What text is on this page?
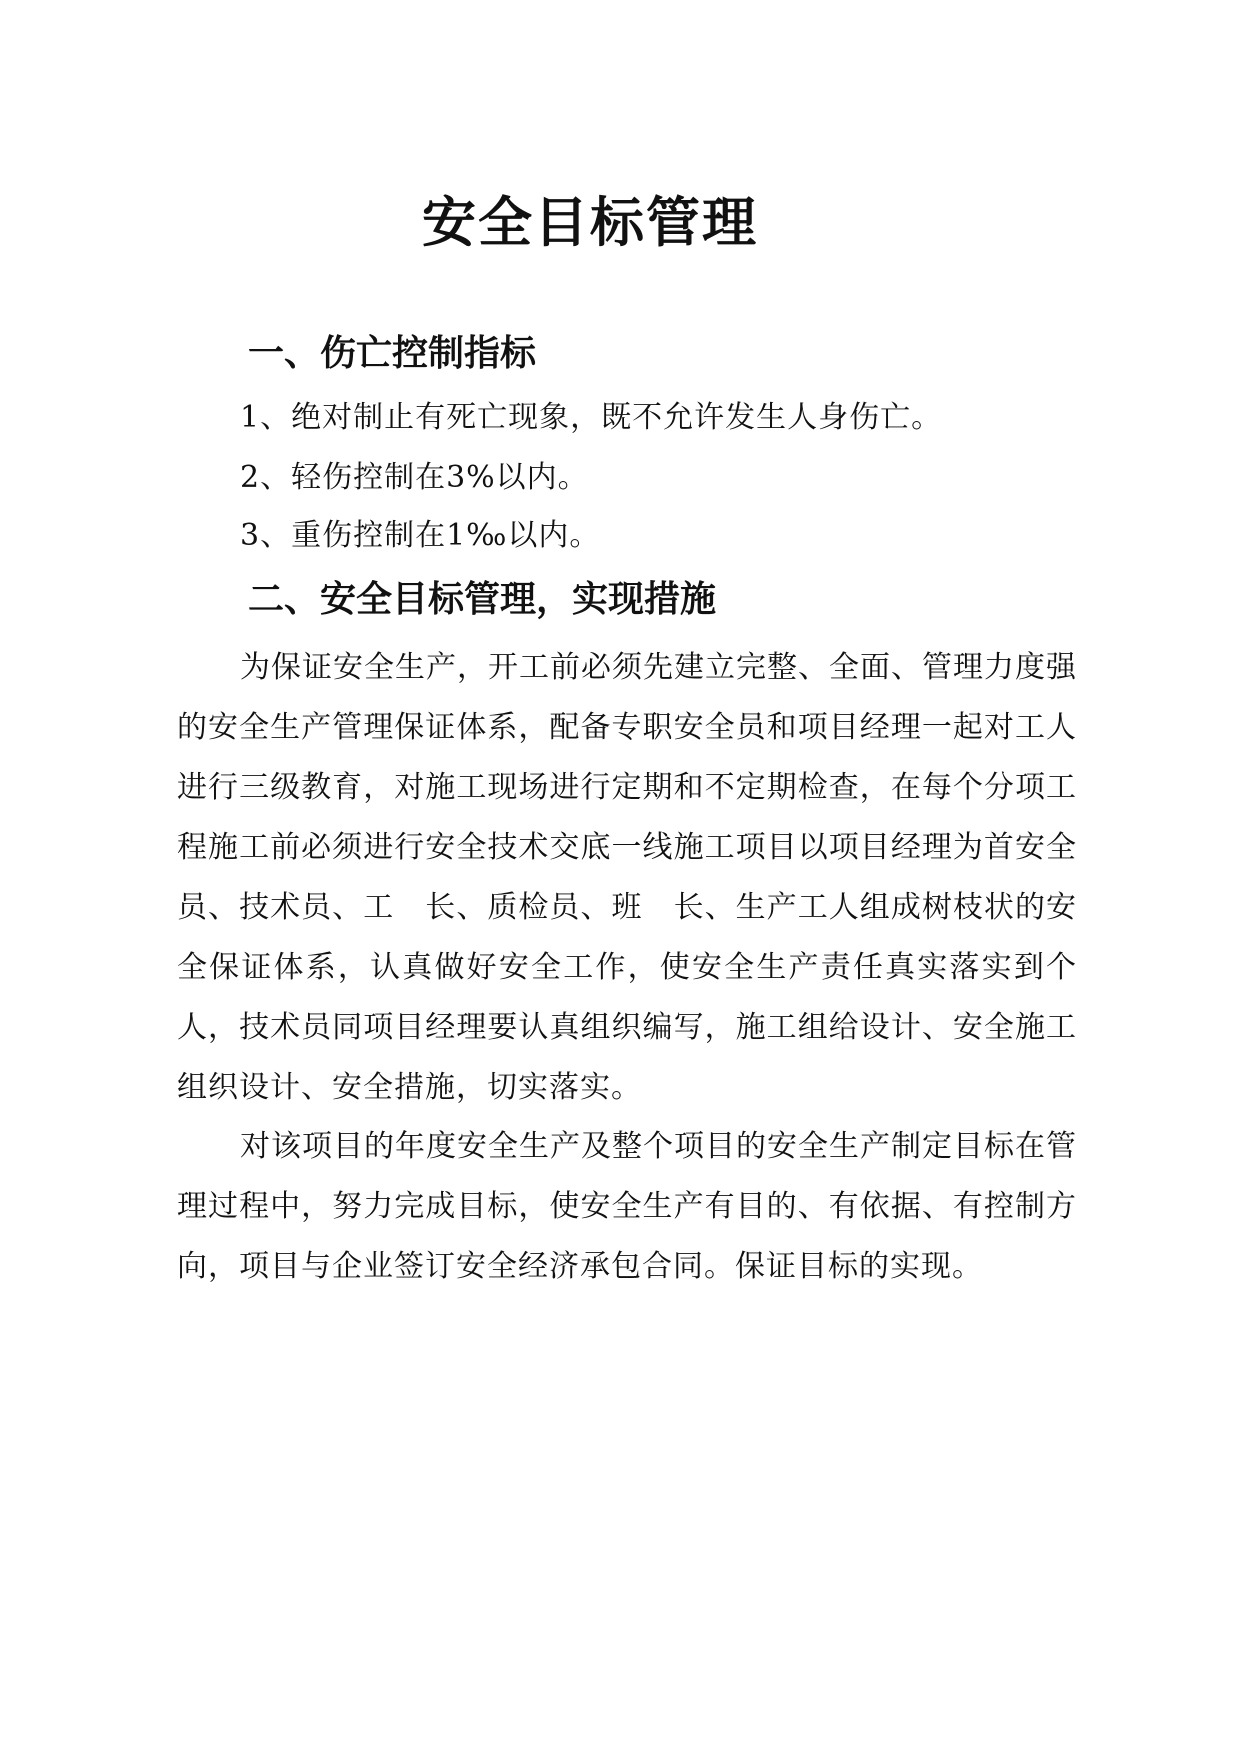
安全目标管理
一、伤亡控制指标

1、绝对制止有死亡现象，既不允许发生人身伤亡。

2、轻伤控制在3%以内。

3、重伤控制在1‰以内。

二、安全目标管理，实现措施

为保证安全生产，开工前必须先建立完整、全面、管理力度强的安全生产管理保证体系，配备专职安全员和项目经理一起对工人进行三级教育，对施工现场进行定期和不定期检查，在每个分项工程施工前必须进行安全技术交底一线施工项目以项目经理为首安全员、技术员、工　长、质检员、班　长、生产工人组成树枝状的安全保证体系，认真做好安全工作，使安全生产责任真实落实到个人，技术员同项目经理要认真组织编写，施工组给设计、安全施工组织设计、安全措施，切实落实。

对该项目的年度安全生产及整个项目的安全生产制定目标在管理过程中，努力完成目标，使安全生产有目的、有依据、有控制方向，项目与企业签订安全经济承包合同。保证目标的实现。
